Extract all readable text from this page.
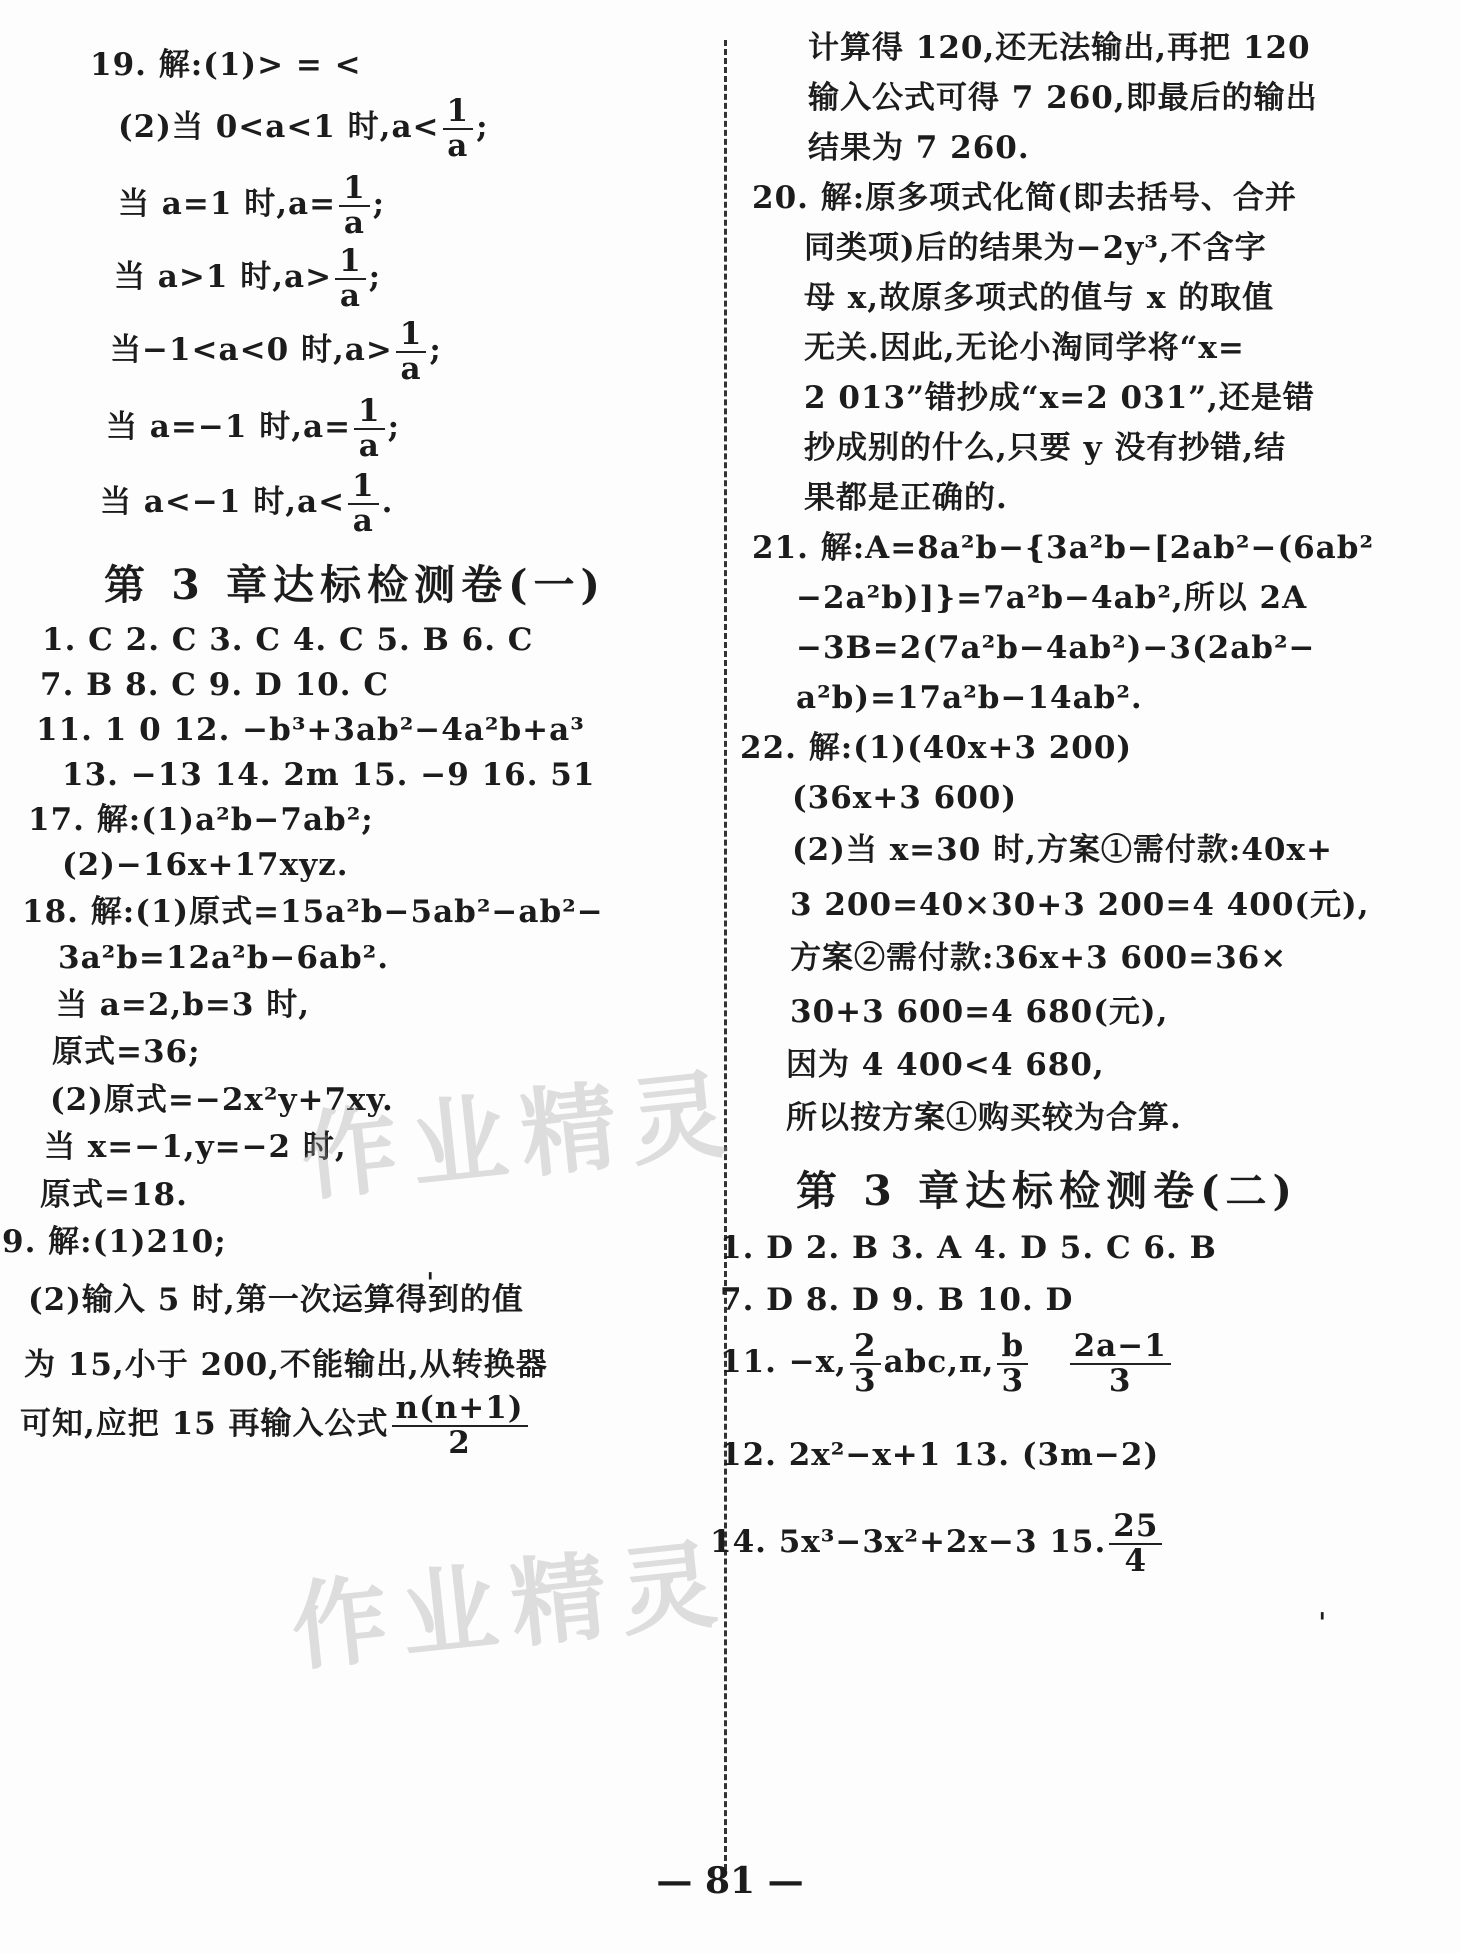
19. 解:(1)> = <
(2)当 0<a<1 时$,a< \frac{1}{a}$ ;
当 a=1 时$,a= \frac{1}{a}$ ;
当 a>1 时$,a> \frac{1}{a}$ ;
当−1<a<0 时$,a> \frac{1}{a}$ ;
当 a=−1 时$,a= \frac{1}{a}$ ;
当 a<−1 时$,a< \frac{1}{a}$ .
第 3 章达标检测卷(一)
1. C 2. C 3. C 4. C 5. B 6. C
7. B 8. C 9. D 10. C
11. 1 0 12. −b³+3ab²−4a²b+a³
13. −13 14. 2m 15. −9 16. 51
17. 解:(1)a²b−7ab²;
(2)−16x+17xyz.
18. 解:(1)原式=15a²b−5ab²−ab²−
3a²b=12a²b−6ab².
当 a=2,b=3 时,
原式=36;
(2)原式=−2x²y+7xy.
当 x=−1,y=−2 时,
原式=18.
9. 解:(1)210;
(2)输入 5 时,第一次运算得到的值
为 15,小于 200,不能输出,从转换器
可知,应把 15 再输入公式 $\frac{n(n+1)}{2}$
计算得 120,还无法输出,再把 120
输入公式可得 7 260,即最后的输出
结果为 7 260.
20. 解:原多项式化简(即去括号、合并
同类项)后的结果为−2y³,不含字
母 x,故原多项式的值与 x 的取值
无关.因此,无论小淘同学将“x=
2 013”错抄成“x=2 031”,还是错
抄成别的什么,只要 y 没有抄错,结
果都是正确的.
21. 解:A=8a²b−{3a²b−[2ab²−(6ab²
−2a²b)]}=7a²b−4ab²,所以 2A
−3B=2(7a²b−4ab²)−3(2ab²−
a²b)=17a²b−14ab².
22. 解:(1)(40x+3 200)
(36x+3 600)
(2)当 x=30 时,方案①需付款:40x+
3 200=40×30+3 200=4 400(元),
方案②需付款:36x+3 600=36×
30+3 600=4 680(元),
因为 4 400<4 680,
所以按方案①购买较为合算.
第 3 章达标检测卷(二)
1. D 2. B 3. A 4. D 5. C 6. B
7. D 8. D 9. B 10. D
11. −x, $\frac{2}{3} abc,\pi$, $\frac{b}{3}$
$\frac{2a-1}{3}$
12. 2x²−x+1 13. (3m−2)
14. 5x³−3x²+2x−3 15. $\frac{25}{4}$
作业精灵
作业精灵
ˌ
ˌ
— 81 —
